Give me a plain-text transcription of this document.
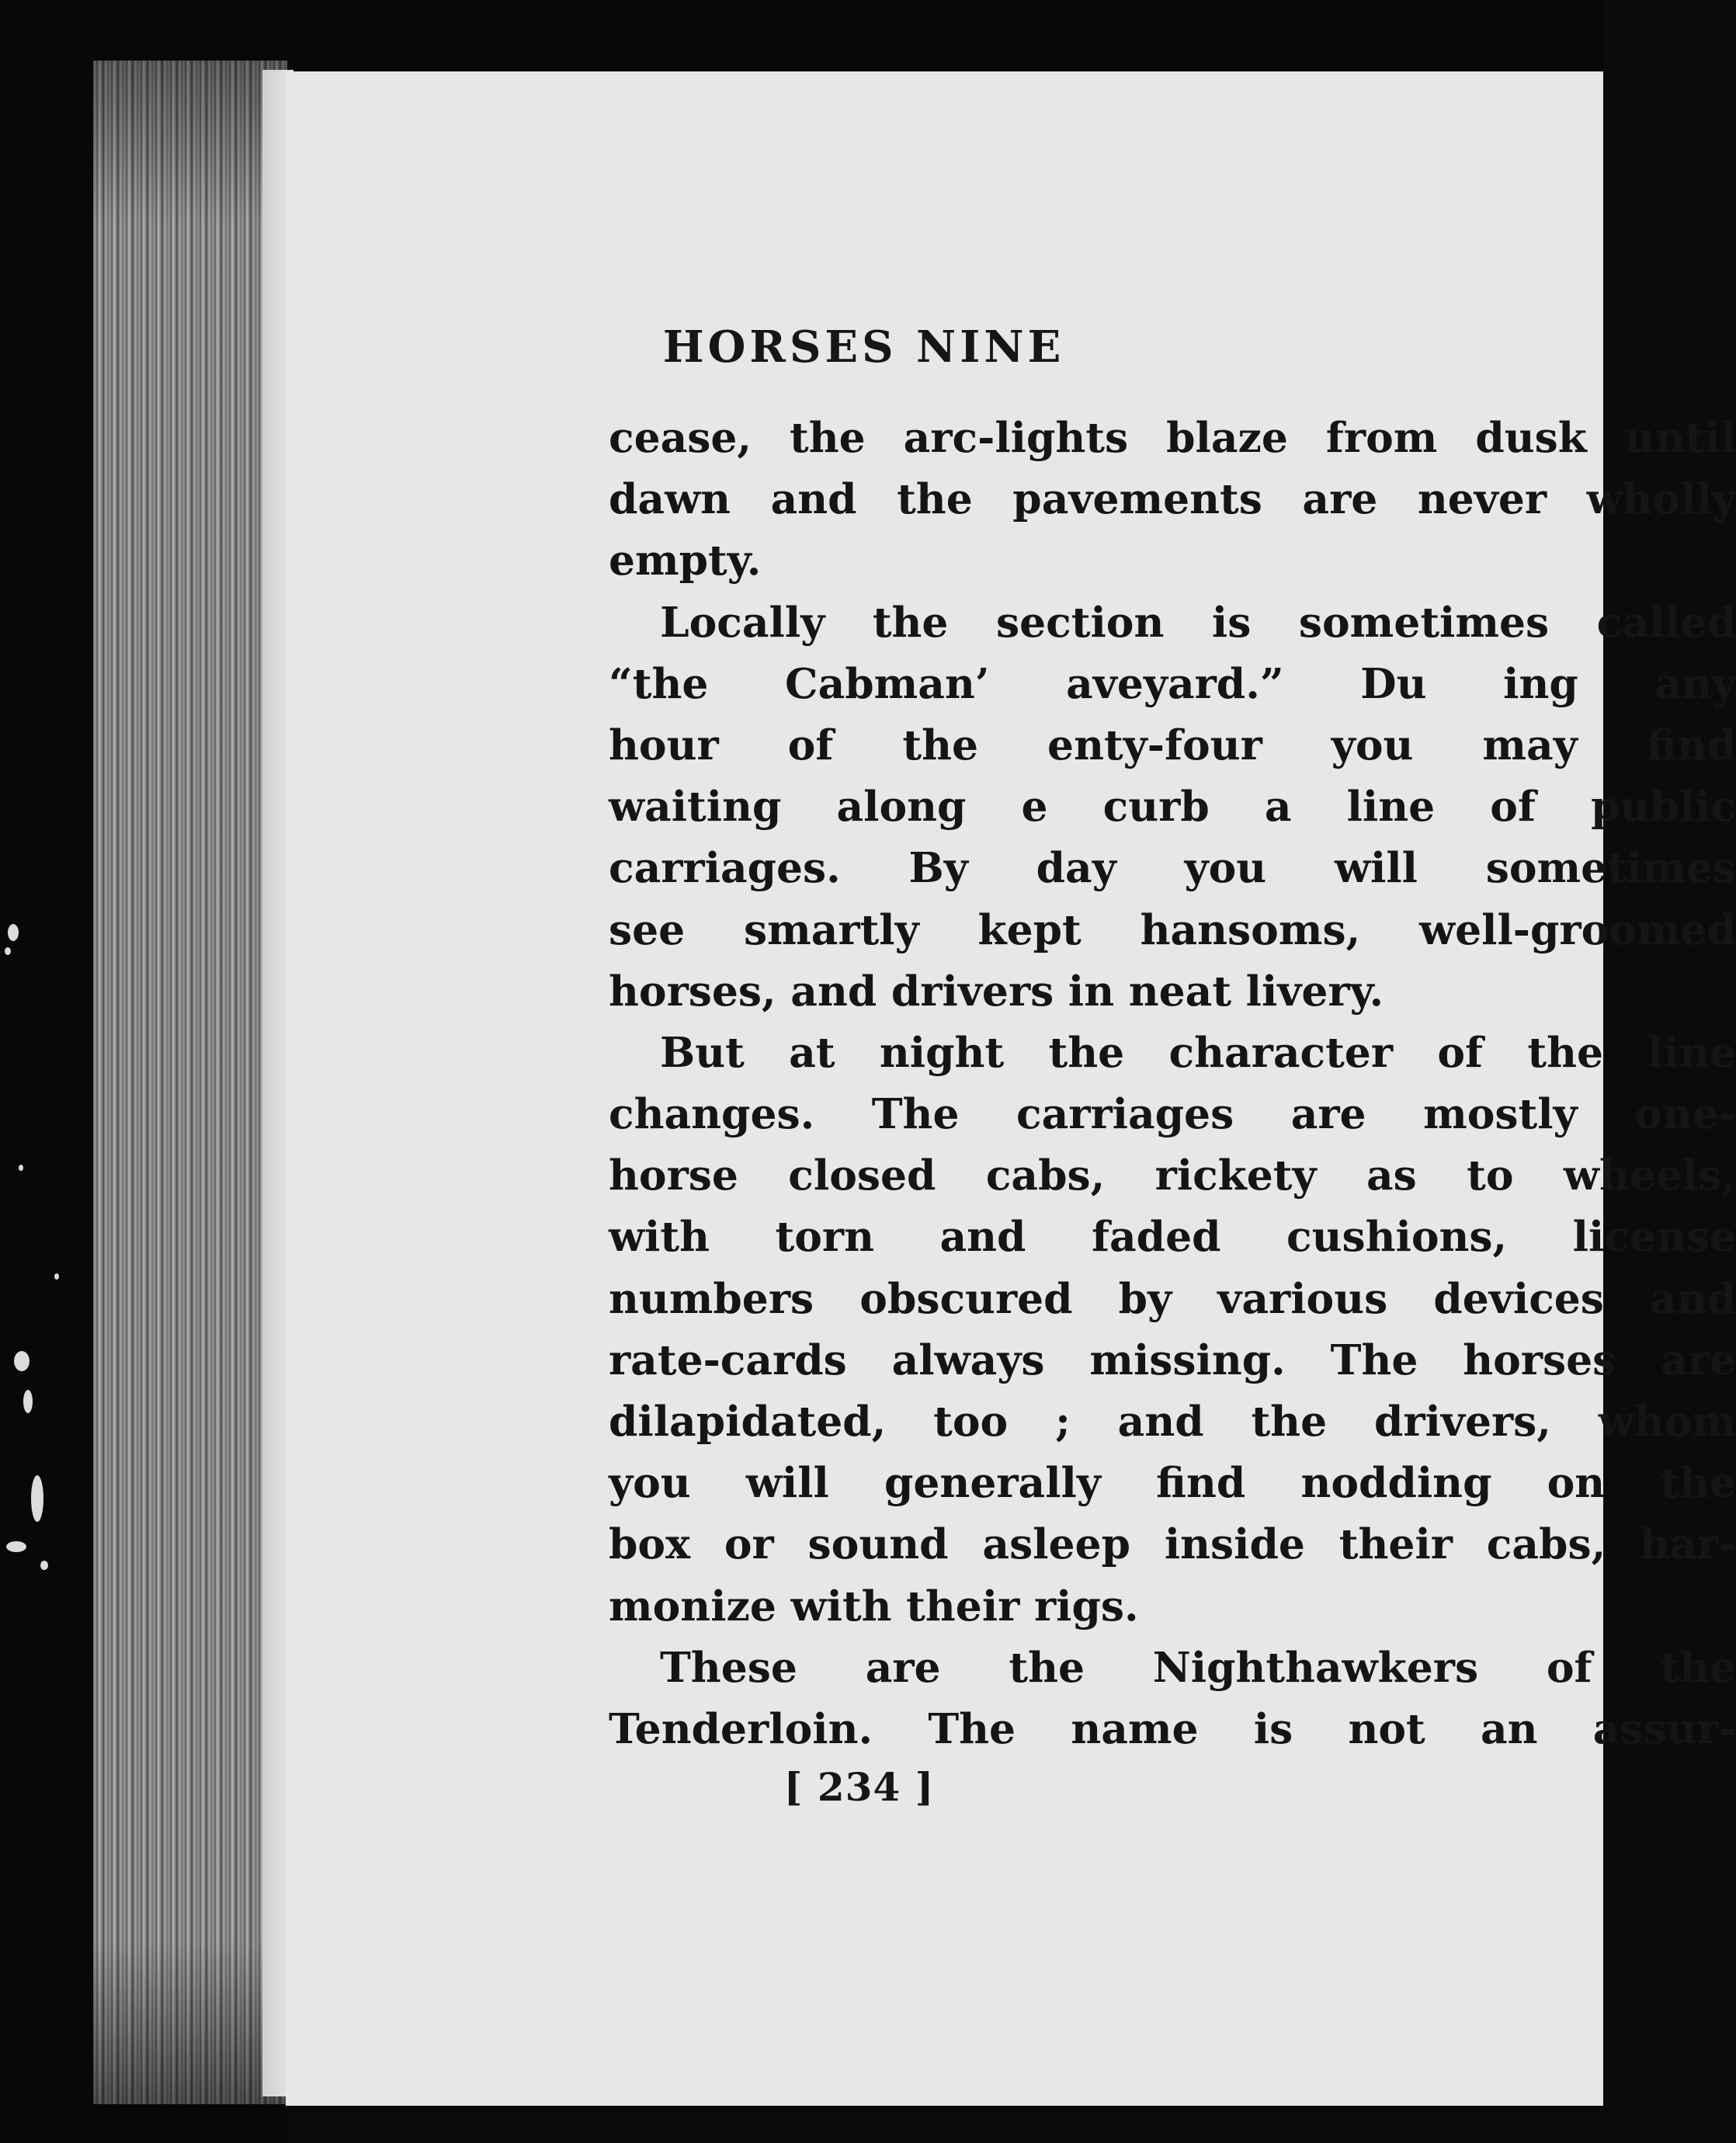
HORSES NINE
cease, the arc-lights blaze from dusk until
dawn and the pavements are never wholly
empty.
Locally the section is sometimes called
“the Cabman’ aveyard.” Du ing any
hour of the enty-four you may find
waiting along e curb a line of public
carriages. By day you will sometimes
see smartly kept hansoms, well-groomed
horses, and drivers in neat livery.
But at night the character of the line
changes. The carriages are mostly one-
horse closed cabs, rickety as to wheels,
with torn and faded cushions, license
numbers obscured by various devices and
rate-cards always missing. The horses are
dilapidated, too ; and the drivers, whom
you will generally find nodding on the
box or sound asleep inside their cabs, har-
monize with their rigs.
These are the Nighthawkers of the
Tenderloin. The name is not an assur-
[ 234 ]
